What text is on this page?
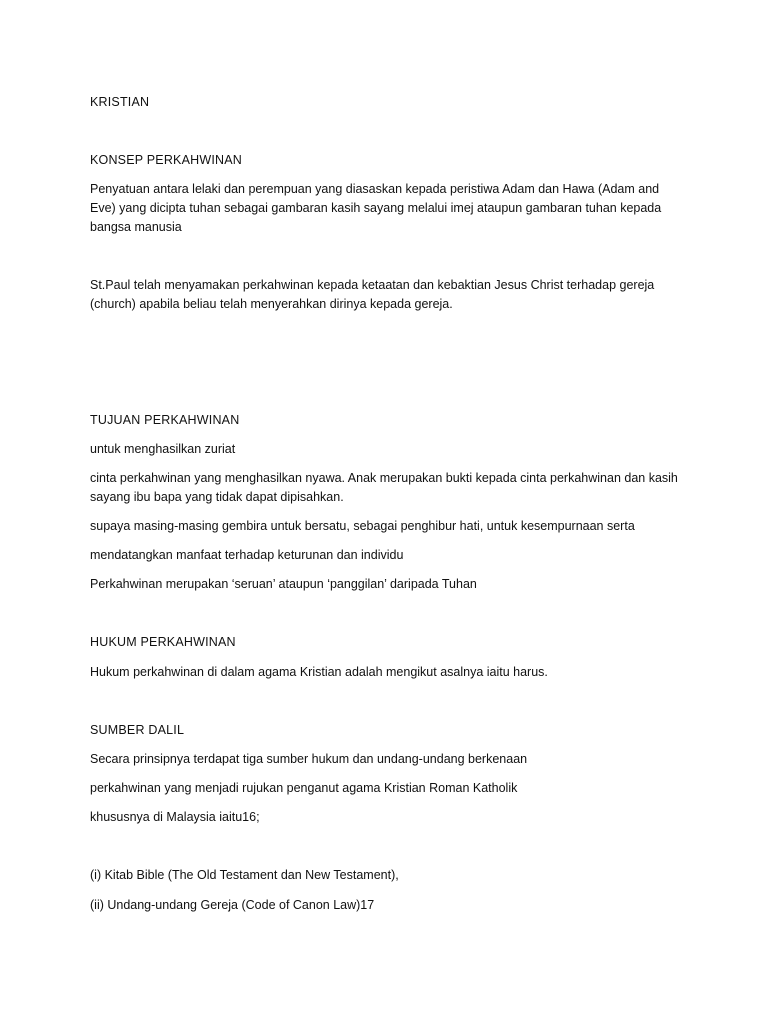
KRISTIAN

KONSEP PERKAHWINAN

Penyatuan antara lelaki dan perempuan yang diasaskan kepada peristiwa Adam dan Hawa (Adam and Eve) yang dicipta tuhan sebagai gambaran kasih sayang melalui imej ataupun gambaran tuhan kepada bangsa manusia

St.Paul telah menyamakan perkahwinan kepada ketaatan dan kebaktian Jesus Christ terhadap gereja (church) apabila beliau telah menyerahkan dirinya kepada gereja.

TUJUAN PERKAHWINAN

untuk menghasilkan zuriat

cinta perkahwinan yang menghasilkan nyawa. Anak merupakan bukti kepada cinta perkahwinan dan kasih sayang ibu bapa yang tidak dapat dipisahkan.

supaya masing-masing gembira untuk bersatu, sebagai penghibur hati, untuk kesempurnaan serta

mendatangkan manfaat terhadap keturunan dan individu

Perkahwinan merupakan ‘seruan’ ataupun ‘panggilan’ daripada Tuhan

HUKUM PERKAHWINAN

Hukum perkahwinan di dalam agama Kristian adalah mengikut asalnya iaitu harus.

SUMBER DALIL

Secara prinsipnya terdapat tiga sumber hukum dan undang-undang berkenaan

perkahwinan yang menjadi rujukan penganut agama Kristian Roman Katholik

khususnya di Malaysia iaitu16;

(i) Kitab Bible (The Old Testament dan New Testament),

(ii) Undang-undang Gereja (Code of Canon Law)17
